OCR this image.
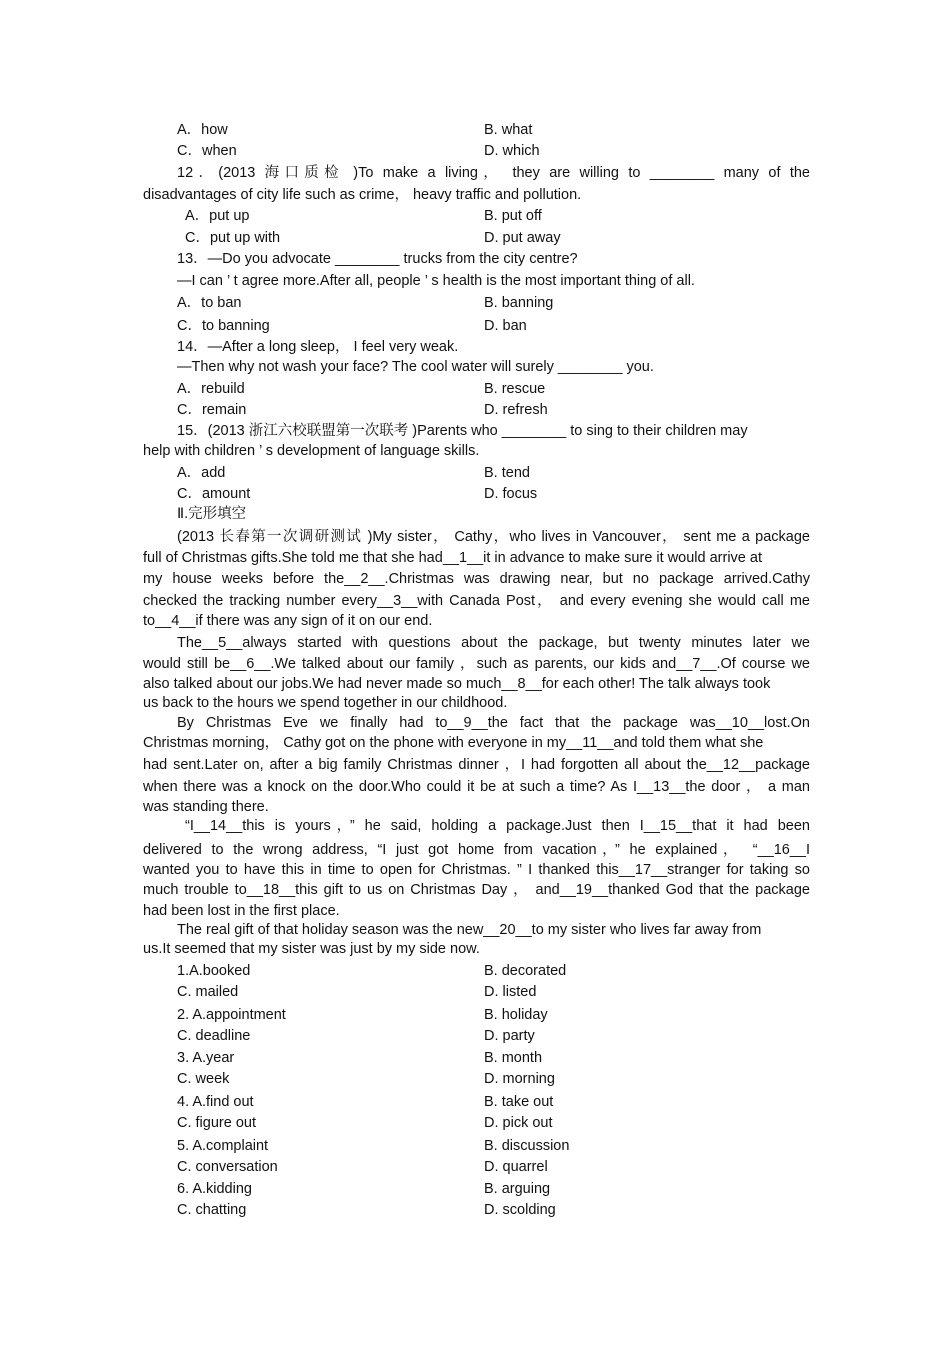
12．(2013 海口质检 )To make a living， they are willing to ________ many of the
disadvantages of city life such as crime， heavy traffic and pollution.
13．—Do you advocate ________ trucks from the city centre?
—I can ’ t agree more.After all, people ’ s health is the most important thing of all.
14．—After a long sleep， I feel very weak.
—Then why not wash your face? The cool water will surely ________ you.
15．(2013 浙江六校联盟第一次联考 )Parents who ________ to sing to their children may
help with children ’ s development of language skills.
Ⅱ.完形填空
(2013 长春第一次调研测试 )My sister， Cathy，who lives in Vancouver， sent me a package
full of Christmas gifts.She told me that she had__1__it in advance to make sure it would arrive at
my house weeks before the__2__.Christmas was drawing near, but no package arrived.Cathy
checked the tracking number every__3__with Canada Post， and every evening she would call me
to__4__if there was any sign of it on our end.
The__5__always started with questions about the package, but twenty minutes later we
would still be__6__.We talked about our family ，such as parents, our kids and__7__.Of course we
also talked about our jobs.We had never made so much__8__for each other! The talk always took
us back to the hours we spend together in our childhood.
By Christmas Eve we finally had to__9__the fact that the package was__10__lost.On
Christmas morning， Cathy got on the phone with everyone in my__11__and told them what she
had sent.Later on, after a big family Christmas dinner ，I had forgotten all about the__12__package
when there was a knock on the door.Who could it be at such a time? As I__13__the door ， a man
was standing there.
“I__14__this is yours，” he said, holding a package.Just then I__15__that it had been
delivered to the wrong address, “I just got home from vacation，” he explained， “__16__I
wanted you to have this in time to open for Christmas. ” I thanked this__17__stranger for taking so
much trouble to__18__this gift to us on Christmas Day ， and__19__thanked God that the package
had been lost in the first place.
The real gift of that holiday season was the new__20__to my sister who lives far away from
us.It seemed that my sister was just by my side now.
A．how	B. what
C．when	D. which
A．put up	B. put off
C．put up with	D. put away
A．to ban	B. banning
C．to banning	D. ban
A．rebuild	B. rescue
C．remain	D. refresh
A．add	B. tend
C．amount	D. focus
1.A.booked	B. decorated
C. mailed	D. listed
2. A.appointment	B. holiday
C. deadline	D. party
3. A.year	B. month
C. week	D. morning
4. A.find out	B. take out
C. figure out	D. pick out
5. A.complaint	B. discussion
C. conversation	D. quarrel
6. A.kidding	B. arguing
C. chatting	D. scolding
